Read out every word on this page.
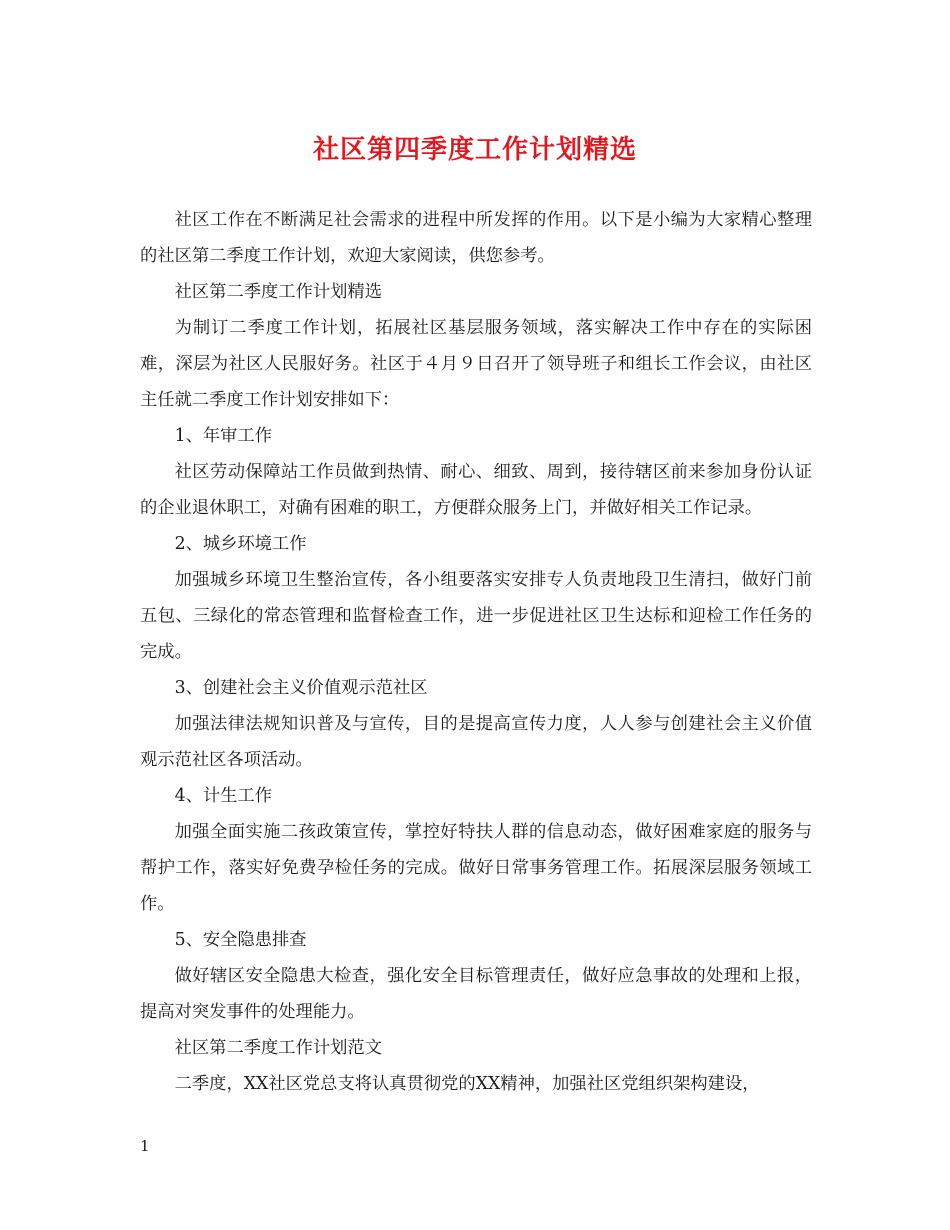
社区第四季度工作计划精选

社区工作在不断满足社会需求的进程中所发挥的作用。以下是小编为大家精心整理的社区第二季度工作计划，欢迎大家阅读，供您参考。

社区第二季度工作计划精选

为制订二季度工作计划，拓展社区基层服务领域，落实解决工作中存在的实际困难，深层为社区人民服好务。社区于４月９日召开了领导班子和组长工作会议，由社区主任就二季度工作计划安排如下：

1、年审工作

社区劳动保障站工作员做到热情、耐心、细致、周到，接待辖区前来参加身份认证的企业退休职工，对确有困难的职工，方便群众服务上门，并做好相关工作记录。

2、城乡环境工作

加强城乡环境卫生整治宣传，各小组要落实安排专人负责地段卫生清扫，做好门前五包、三绿化的常态管理和监督检查工作，进一步促进社区卫生达标和迎检工作任务的完成。

3、创建社会主义价值观示范社区

加强法律法规知识普及与宣传，目的是提高宣传力度，人人参与创建社会主义价值观示范社区各项活动。

4、计生工作

加强全面实施二孩政策宣传，掌控好特扶人群的信息动态，做好困难家庭的服务与帮护工作，落实好免费孕检任务的完成。做好日常事务管理工作。拓展深层服务领域工作。

5、安全隐患排查

做好辖区安全隐患大检查，强化安全目标管理责任，做好应急事故的处理和上报，提高对突发事件的处理能力。

社区第二季度工作计划范文

二季度，XX社区党总支将认真贯彻党的XX精神，加强社区党组织架构建设，

1
